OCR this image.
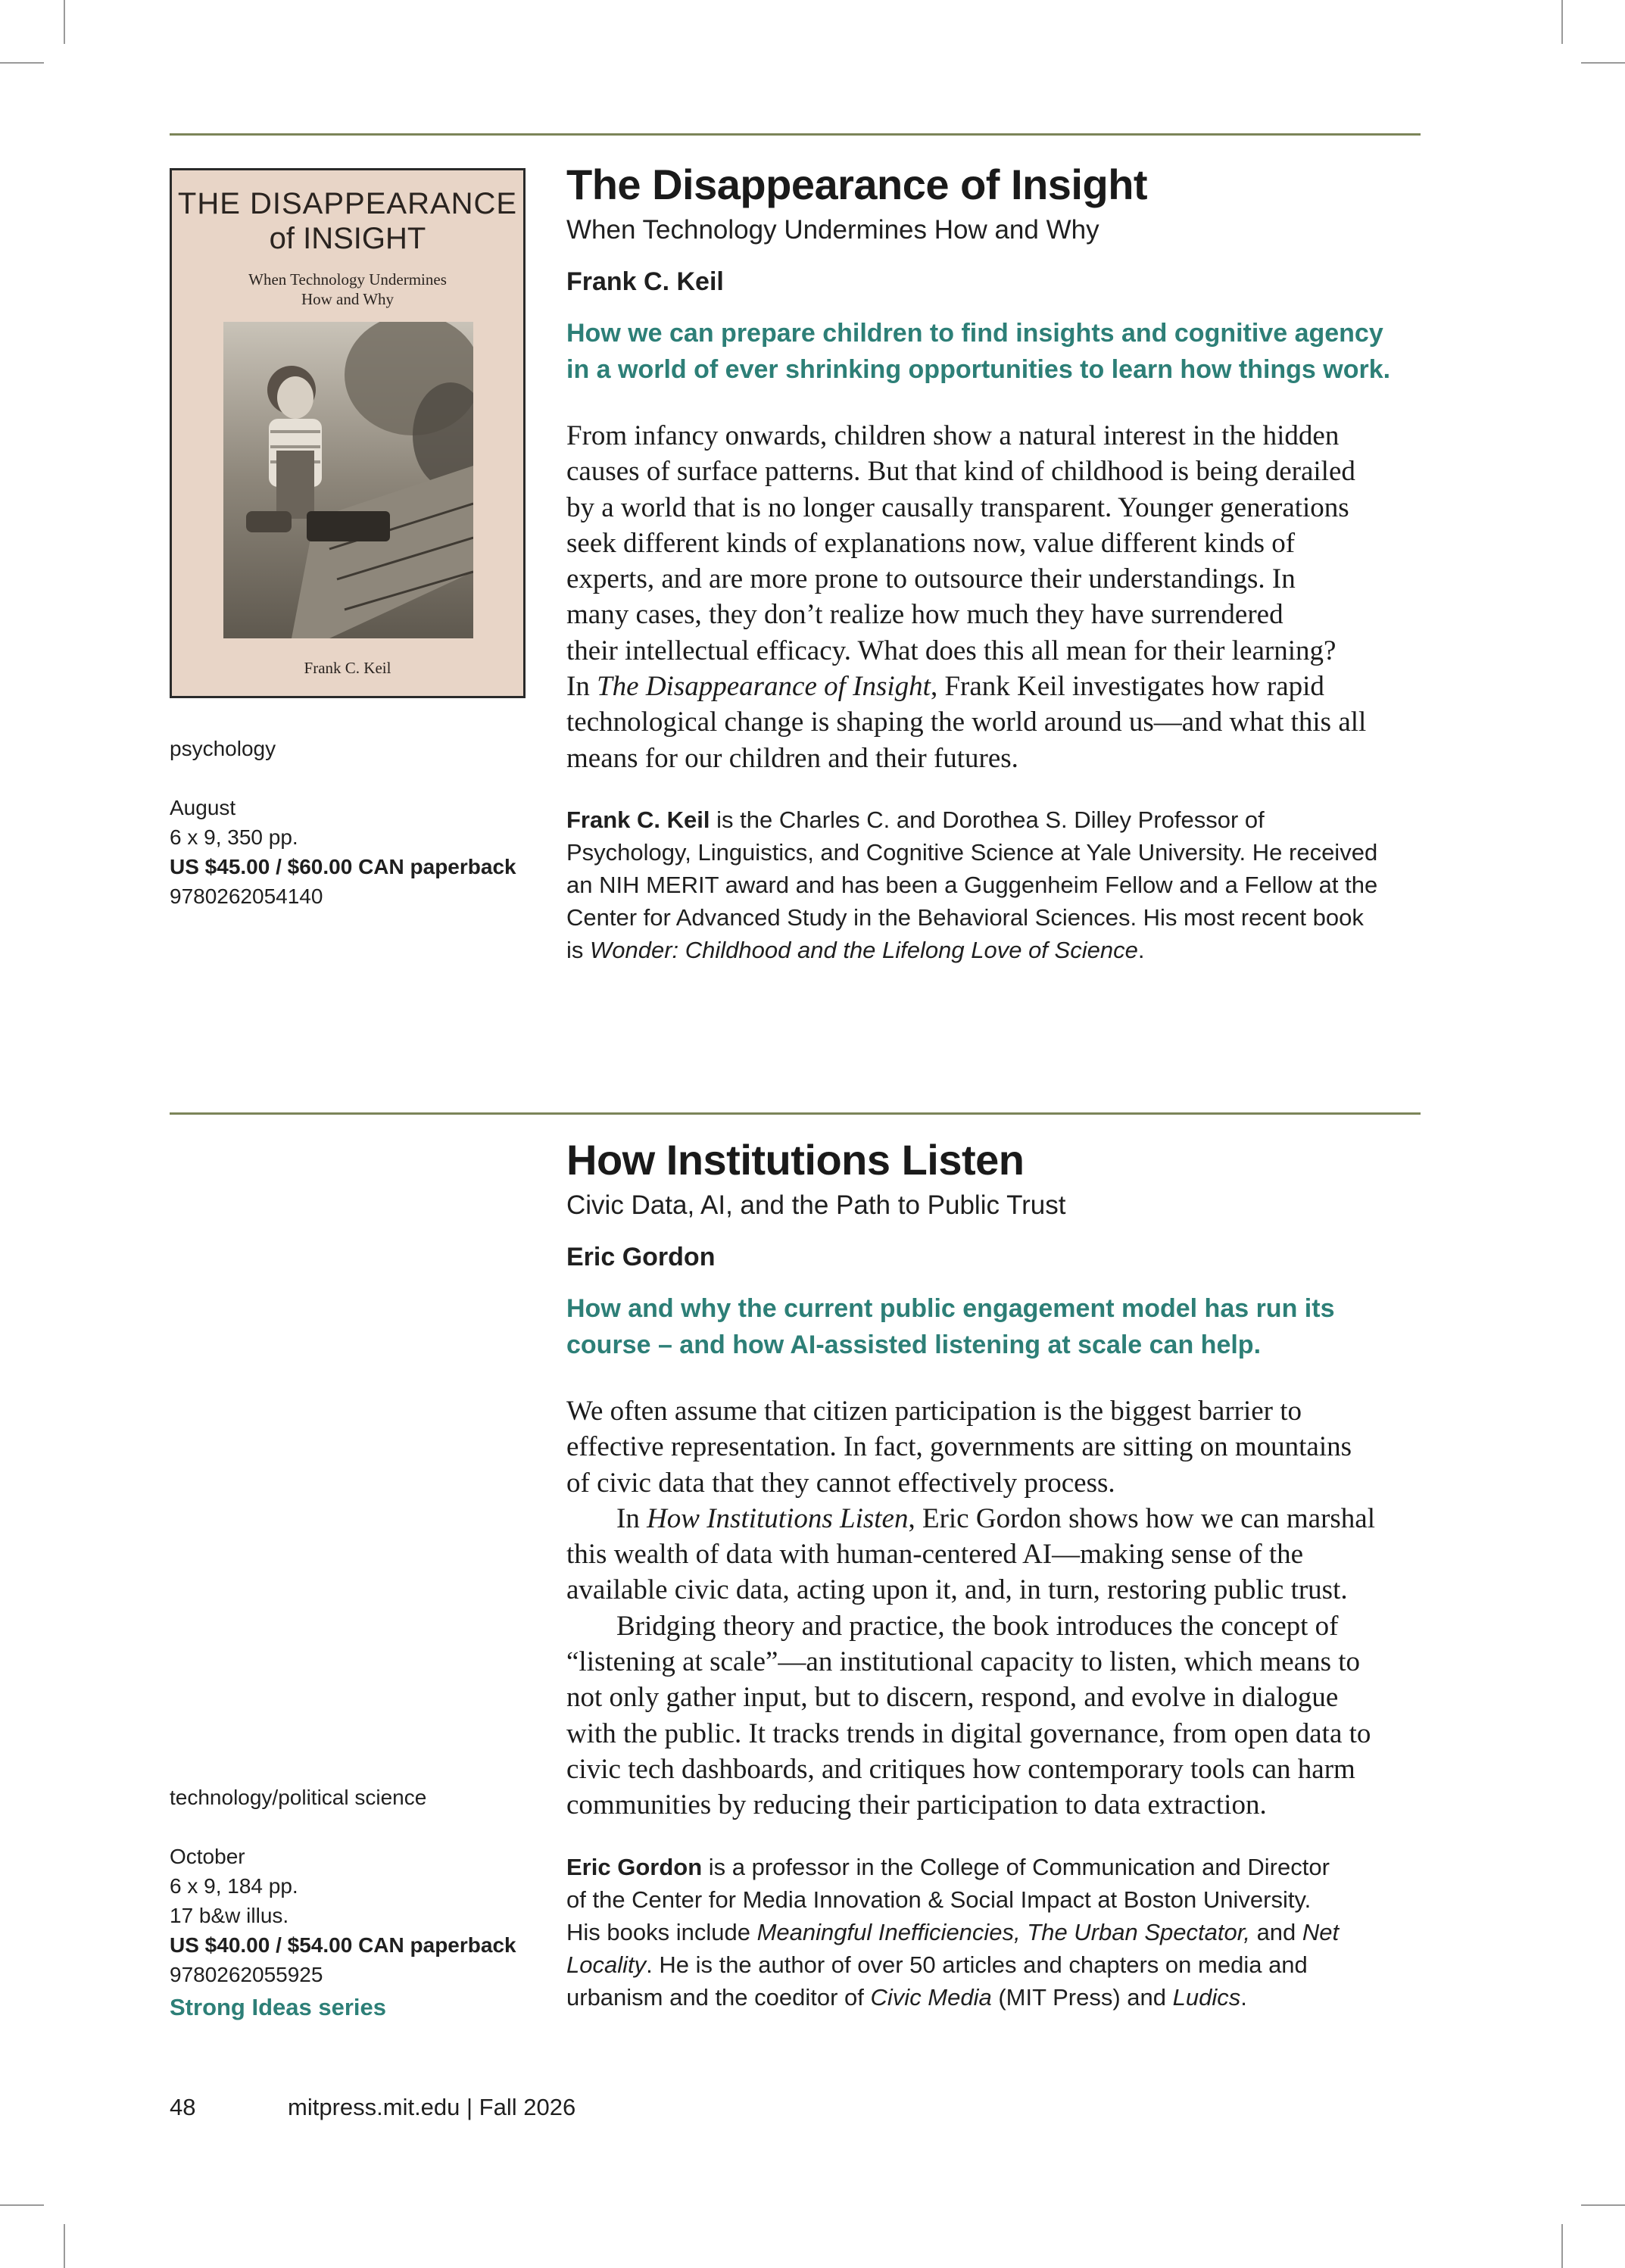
THE DISAPPEARANCE
of INSIGHT
When Technology Undermines
How and Why
Frank C. Keil
psychology
August
6 x 9, 350 pp.
US $45.00 / $60.00 CAN paperback
9780262054140
The Disappearance of Insight
When Technology Undermines How and Why
Frank C. Keil
How we can prepare children to find insights and cognitive agency
in a world of ever shrinking opportunities to learn how things work.
From infancy onwards, children show a natural interest in the hidden
causes of surface patterns. But that kind of childhood is being derailed
by a world that is no longer causally transparent. Younger generations
seek different kinds of explanations now, value different kinds of
experts, and are more prone to outsource their understandings. In
many cases, they don’t realize how much they have surrendered
their intellectual efficacy. What does this all mean for their learning?
In The Disappearance of Insight, Frank Keil investigates how rapid
technological change is shaping the world around us—and what this all
means for our children and their futures.
Frank C. Keil is the Charles C. and Dorothea S. Dilley Professor of
Psychology, Linguistics, and Cognitive Science at Yale University. He received
an NIH MERIT award and has been a Guggenheim Fellow and a Fellow at the
Center for Advanced Study in the Behavioral Sciences. His most recent book
is Wonder: Childhood and the Lifelong Love of Science.
technology/political science
October
6 x 9, 184 pp.
17 b&w illus.
US $40.00 / $54.00 CAN paperback
9780262055925
Strong Ideas series
How Institutions Listen
Civic Data, AI, and the Path to Public Trust
Eric Gordon
How and why the current public engagement model has run its
course – and how AI-assisted listening at scale can help.
We often assume that citizen participation is the biggest barrier to
effective representation. In fact, governments are sitting on mountains
of civic data that they cannot effectively process.
In How Institutions Listen, Eric Gordon shows how we can marshal
this wealth of data with human-centered AI—making sense of the
available civic data, acting upon it, and, in turn, restoring public trust.
Bridging theory and practice, the book introduces the concept of
“listening at scale”—an institutional capacity to listen, which means to
not only gather input, but to discern, respond, and evolve in dialogue
with the public. It tracks trends in digital governance, from open data to
civic tech dashboards, and critiques how contemporary tools can harm
communities by reducing their participation to data extraction.
Eric Gordon is a professor in the College of Communication and Director
of the Center for Media Innovation & Social Impact at Boston University.
His books include Meaningful Inefficiencies, The Urban Spectator, and Net
Locality. He is the author of over 50 articles and chapters on media and
urbanism and the coeditor of Civic Media (MIT Press) and Ludics.
48	mitpress.mit.edu | Fall 2026
